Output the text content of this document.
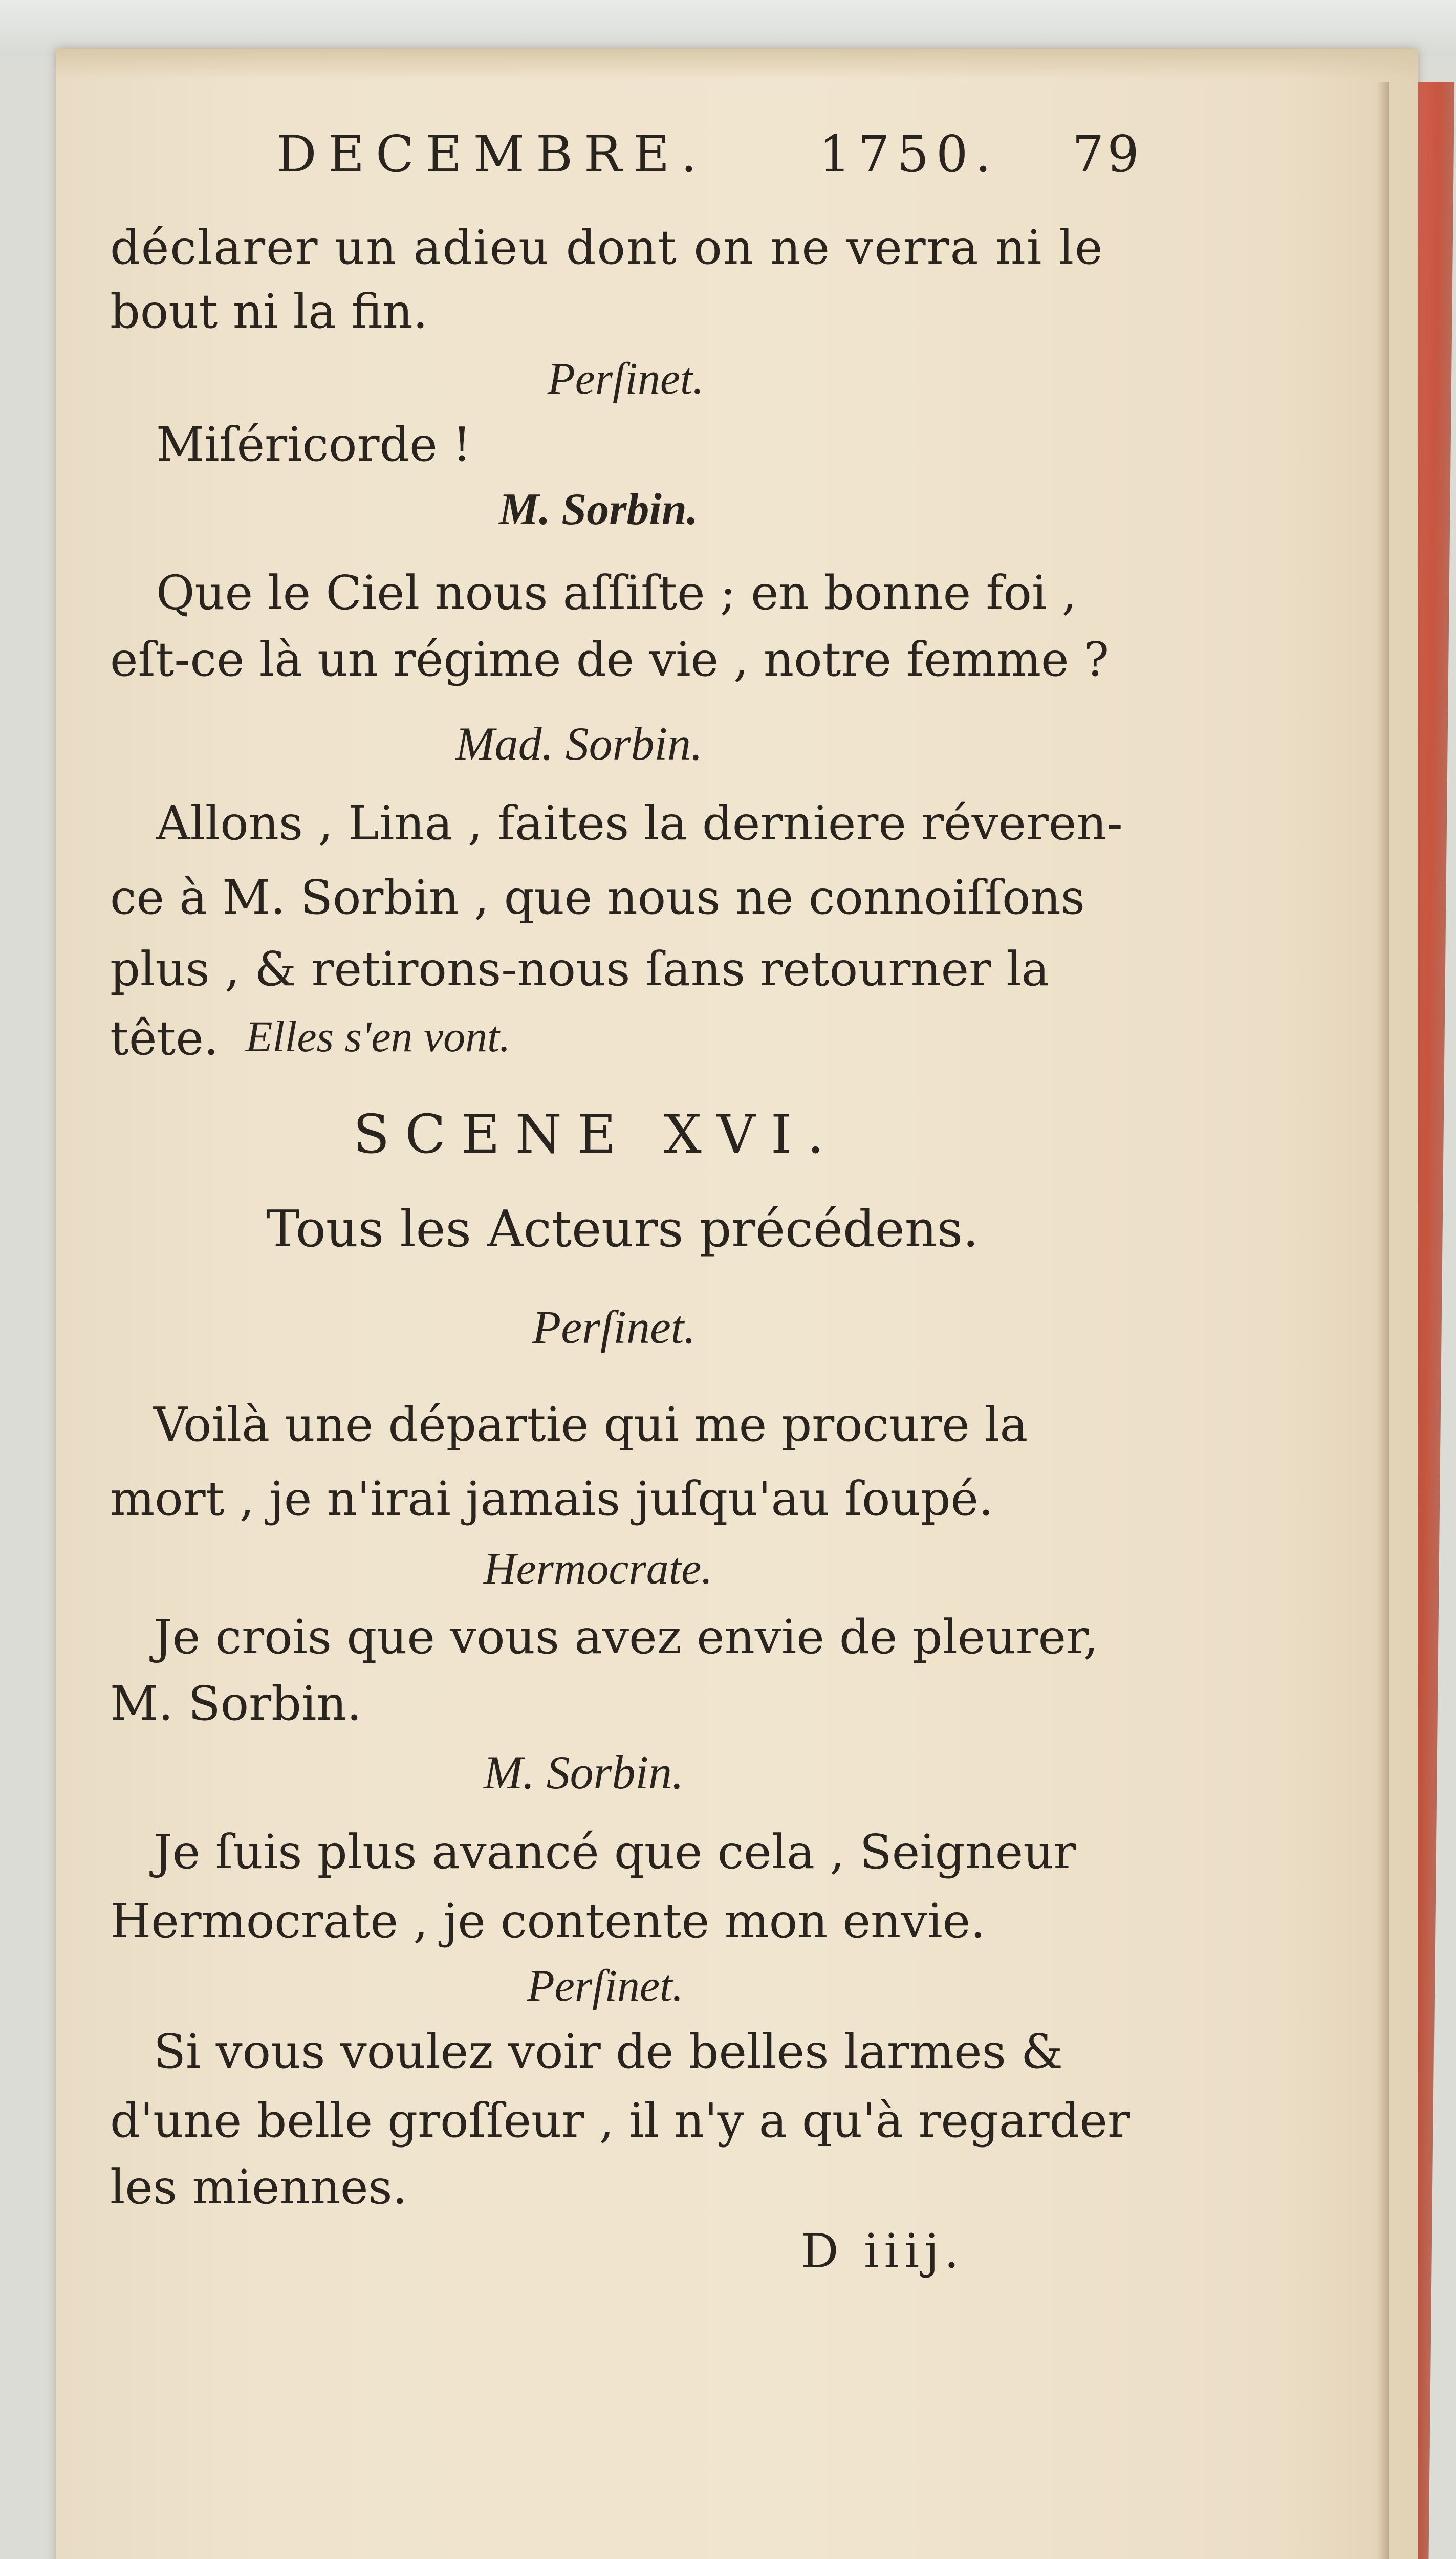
DECEMBRE. 1750. 79
déclarer un adieu dont on ne verra ni le
bout ni la fin.
Perſinet.
Miſéricorde !
M. Sorbin.
Que le Ciel nous aſſiſte ; en bonne foi ,
eſt-ce là un régime de vie , notre femme ?
Mad. Sorbin.
Allons , Lina , faites la derniere réveren-
ce à M. Sorbin , que nous ne connoiſſons
plus , & retirons-nous ſans retourner la
tête. Elles s'en vont.
SCENE XVI.
Tous les Acteurs précédens.
Perſinet.
Voilà une départie qui me procure la
mort , je n'irai jamais juſqu'au ſoupé.
Hermocrate.
Je crois que vous avez envie de pleurer,
M. Sorbin.
M. Sorbin.
Je ſuis plus avancé que cela , Seigneur
Hermocrate , je contente mon envie.
Perſinet.
Si vous voulez voir de belles larmes &
d'une belle groſſeur , il n'y a qu'à regarder
les miennes.
D iiij.
